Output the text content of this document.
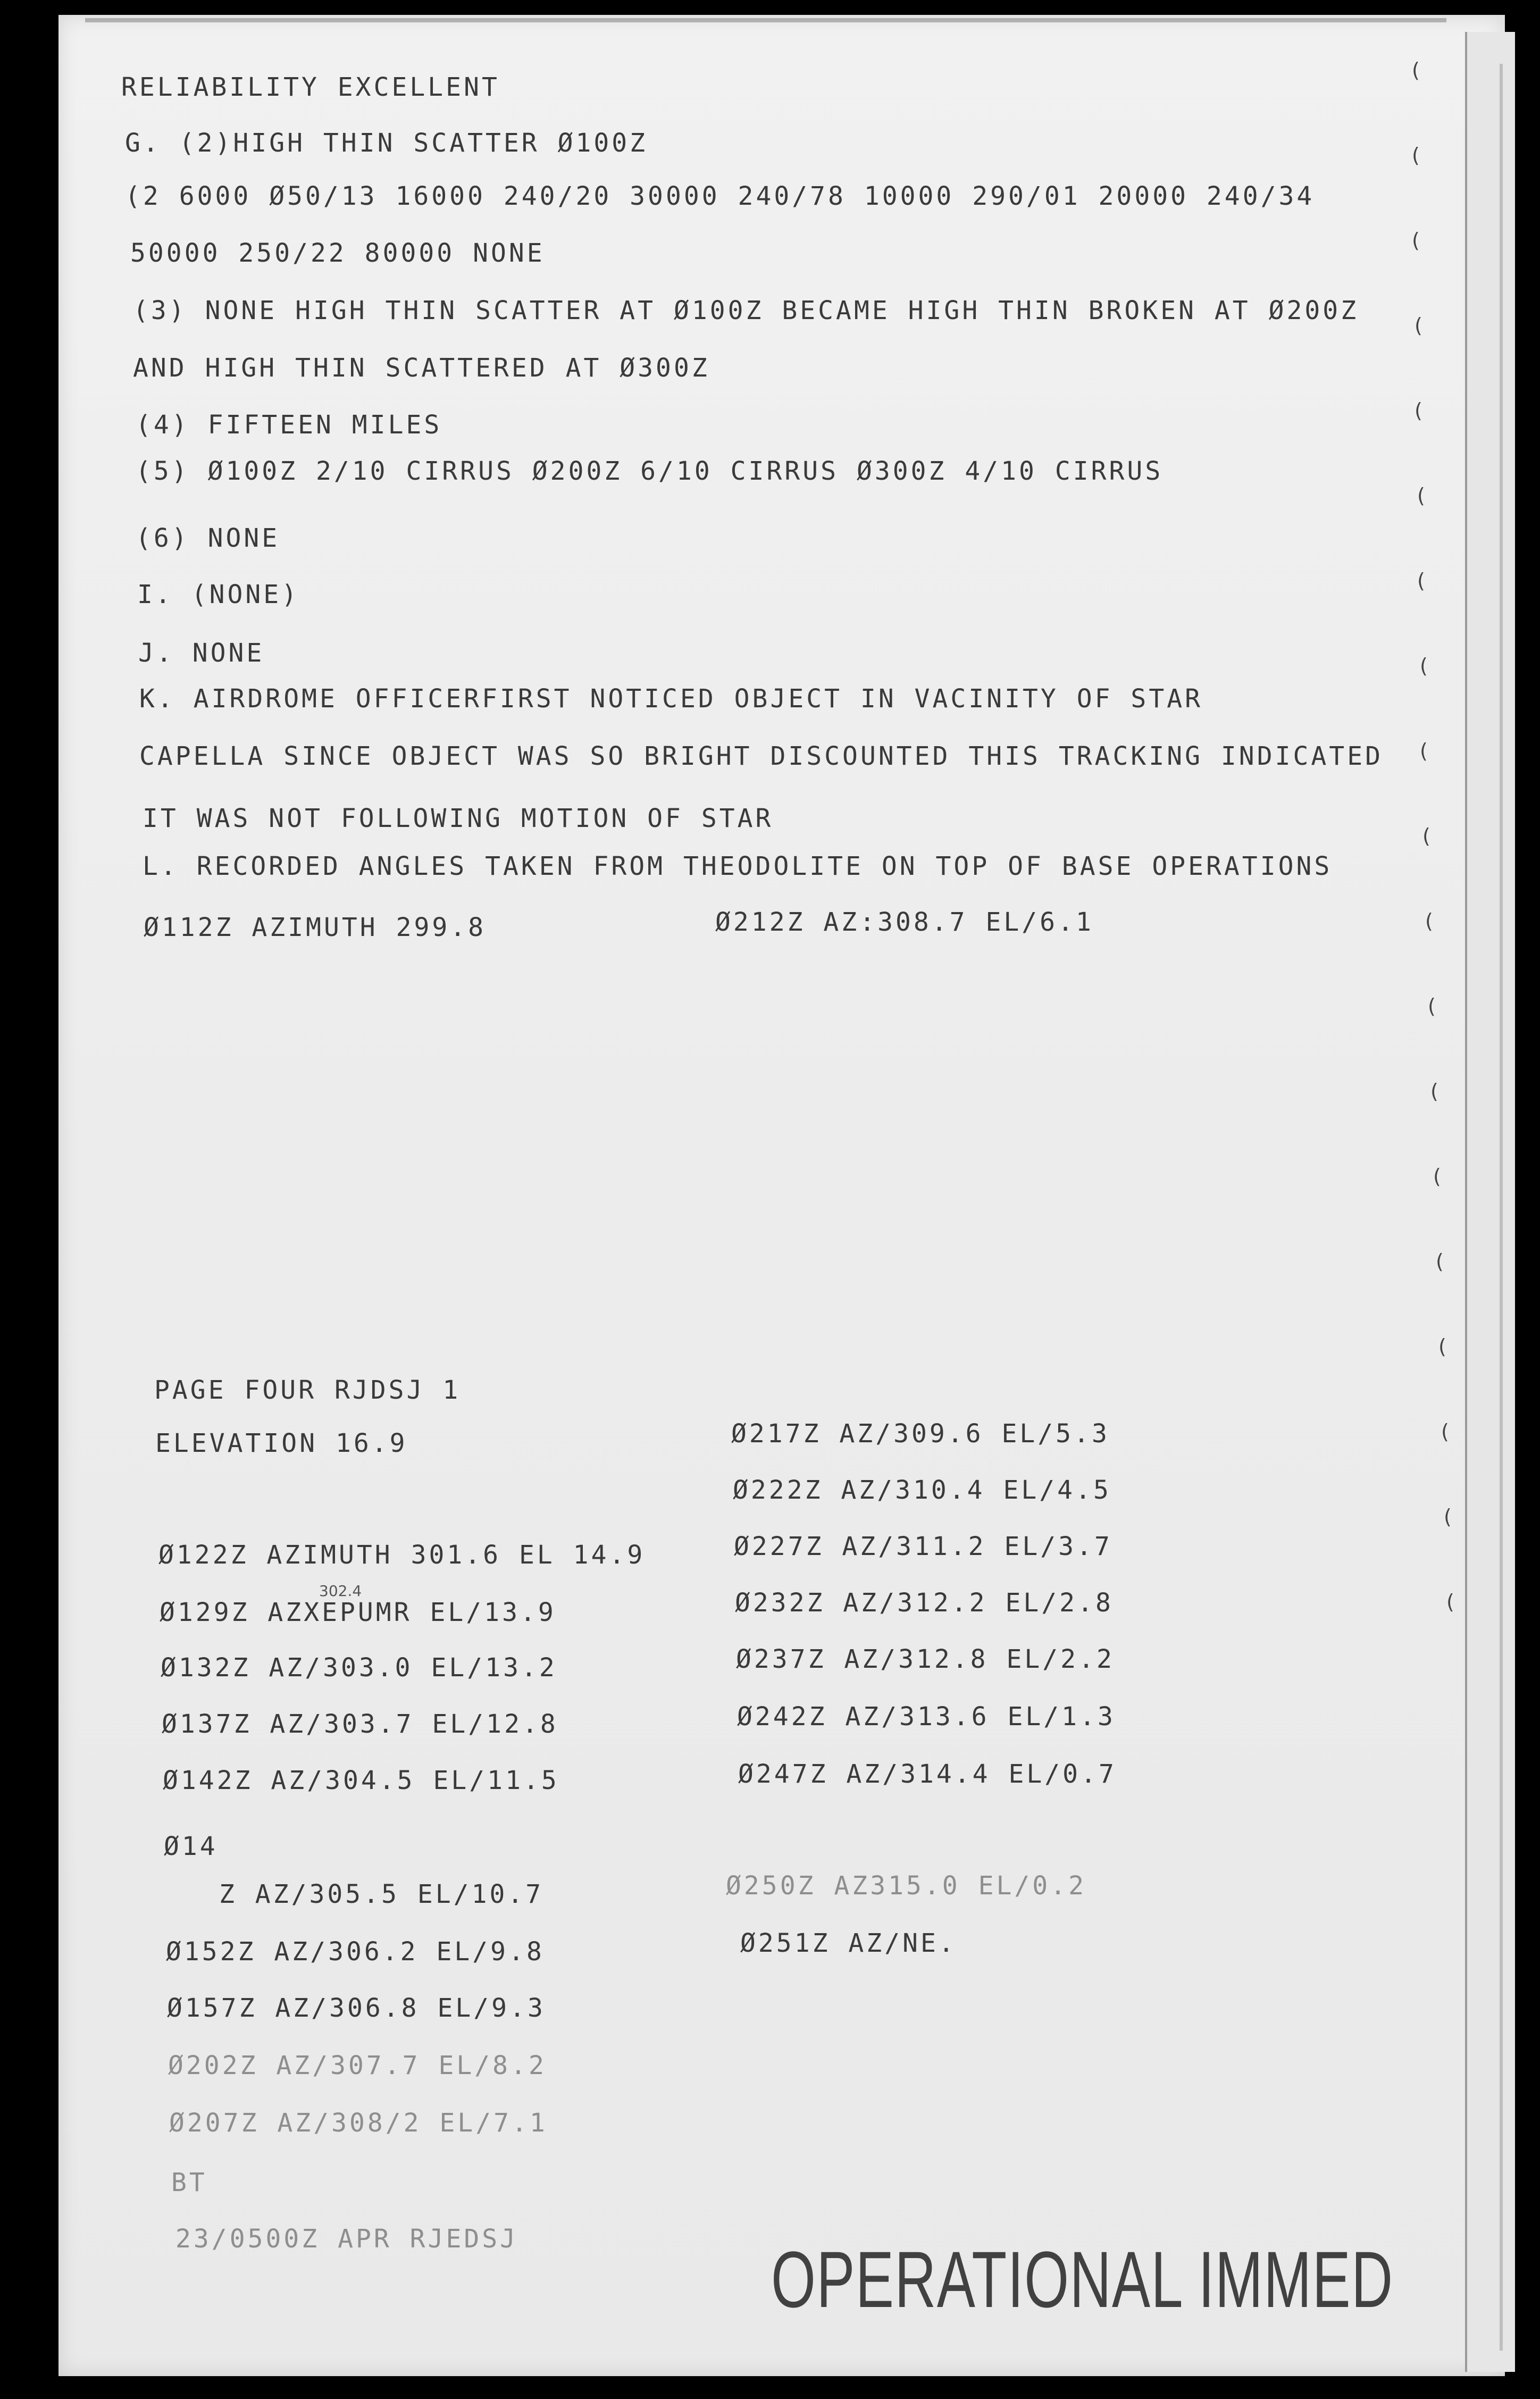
(
(
(
(
(
(
(
(
(
(
(
(
(
(
(
(
(
(
(
RELIABILITY EXCELLENT
G. (2)HIGH THIN SCATTER Ø100Z
(2 6000 Ø50/13 16000 240/20 30000 240/78 10000 290/01 20000 240/34
50000 250/22 80000 NONE
(3) NONE HIGH THIN SCATTER AT Ø100Z BECAME HIGH THIN BROKEN AT Ø200Z
AND HIGH THIN SCATTERED AT Ø300Z
(4) FIFTEEN MILES
(5) Ø100Z 2/10 CIRRUS Ø200Z 6/10 CIRRUS Ø300Z 4/10 CIRRUS
(6) NONE
I. (NONE)
J. NONE
K. AIRDROME OFFICERFIRST NOTICED OBJECT IN VACINITY OF STAR
CAPELLA SINCE OBJECT WAS SO BRIGHT DISCOUNTED THIS TRACKING INDICATED
IT WAS NOT FOLLOWING MOTION OF STAR
L. RECORDED ANGLES TAKEN FROM THEODOLITE ON TOP OF BASE OPERATIONS
Ø112Z AZIMUTH 299.8	Ø212Z AZ:308.7 EL/6.1
PAGE FOUR RJDSJ 1
ELEVATION 16.9
Ø122Z AZIMUTH 301.6 EL 14.9
302.4
Ø129Z AZXEPUMR EL/13.9
Ø132Z AZ/303.0 EL/13.2
Ø137Z AZ/303.7 EL/12.8
Ø142Z AZ/304.5 EL/11.5
Ø14
Z AZ/305.5 EL/10.7
Ø152Z AZ/306.2 EL/9.8
Ø157Z AZ/306.8 EL/9.3
Ø202Z AZ/307.7 EL/8.2
Ø207Z AZ/308/2 EL/7.1
BT
23/0500Z APR RJEDSJ
Ø217Z AZ/309.6 EL/5.3
Ø222Z AZ/310.4 EL/4.5
Ø227Z AZ/311.2 EL/3.7
Ø232Z AZ/312.2 EL/2.8
Ø237Z AZ/312.8 EL/2.2
Ø242Z AZ/313.6 EL/1.3
Ø247Z AZ/314.4 EL/0.7
Ø250Z AZ315.0 EL/0.2
Ø251Z AZ/NE.
OPERATIONAL IMMED
